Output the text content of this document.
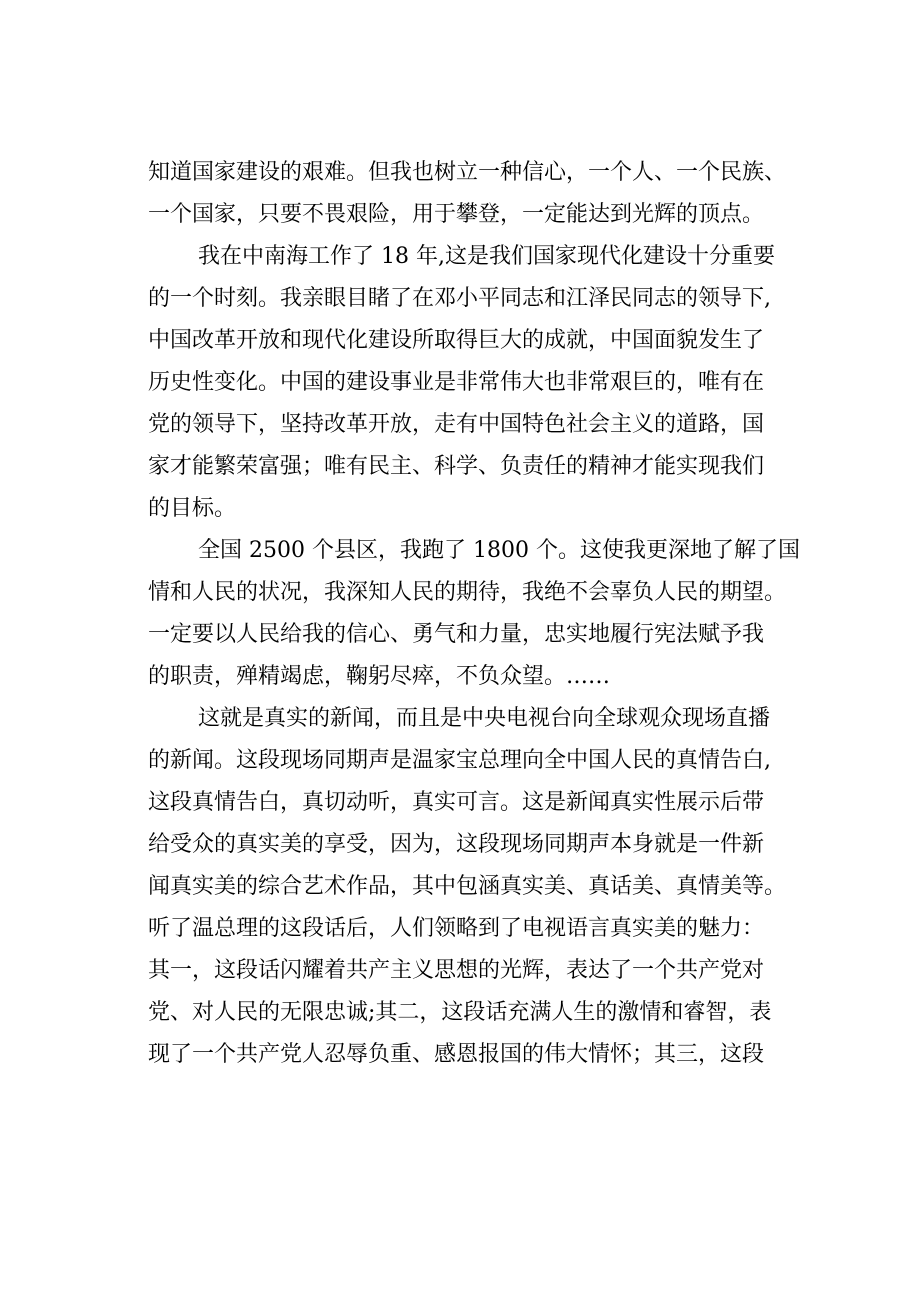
知道国家建设的艰难。但我也树立一种信心，一个人、一个民族、
一个国家，只要不畏艰险，用于攀登，一定能达到光辉的顶点。
我在中南海工作了 18 年,这是我们国家现代化建设十分重要
的一个时刻。我亲眼目睹了在邓小平同志和江泽民同志的领导下,
中国改革开放和现代化建设所取得巨大的成就，中国面貌发生了
历史性变化。中国的建设事业是非常伟大也非常艰巨的，唯有在
党的领导下，坚持改革开放，走有中国特色社会主义的道路，国
家才能繁荣富强；唯有民主、科学、负责任的精神才能实现我们
的目标。
全国 2500 个县区，我跑了 1800 个。这使我更深地了解了国
情和人民的状况，我深知人民的期待，我绝不会辜负人民的期望。
一定要以人民给我的信心、勇气和力量，忠实地履行宪法赋予我
的职责，殚精竭虑，鞠躬尽瘁，不负众望。……
这就是真实的新闻，而且是中央电视台向全球观众现场直播
的新闻。这段现场同期声是温家宝总理向全中国人民的真情告白,
这段真情告白，真切动听，真实可言。这是新闻真实性展示后带
给受众的真实美的享受，因为，这段现场同期声本身就是一件新
闻真实美的综合艺术作品，其中包涵真实美、真话美、真情美等。
听了温总理的这段话后，人们领略到了电视语言真实美的魅力：
其一，这段话闪耀着共产主义思想的光辉，表达了一个共产党对
党、对人民的无限忠诚;其二，这段话充满人生的激情和睿智，表
现了一个共产党人忍辱负重、感恩报国的伟大情怀；其三，这段
